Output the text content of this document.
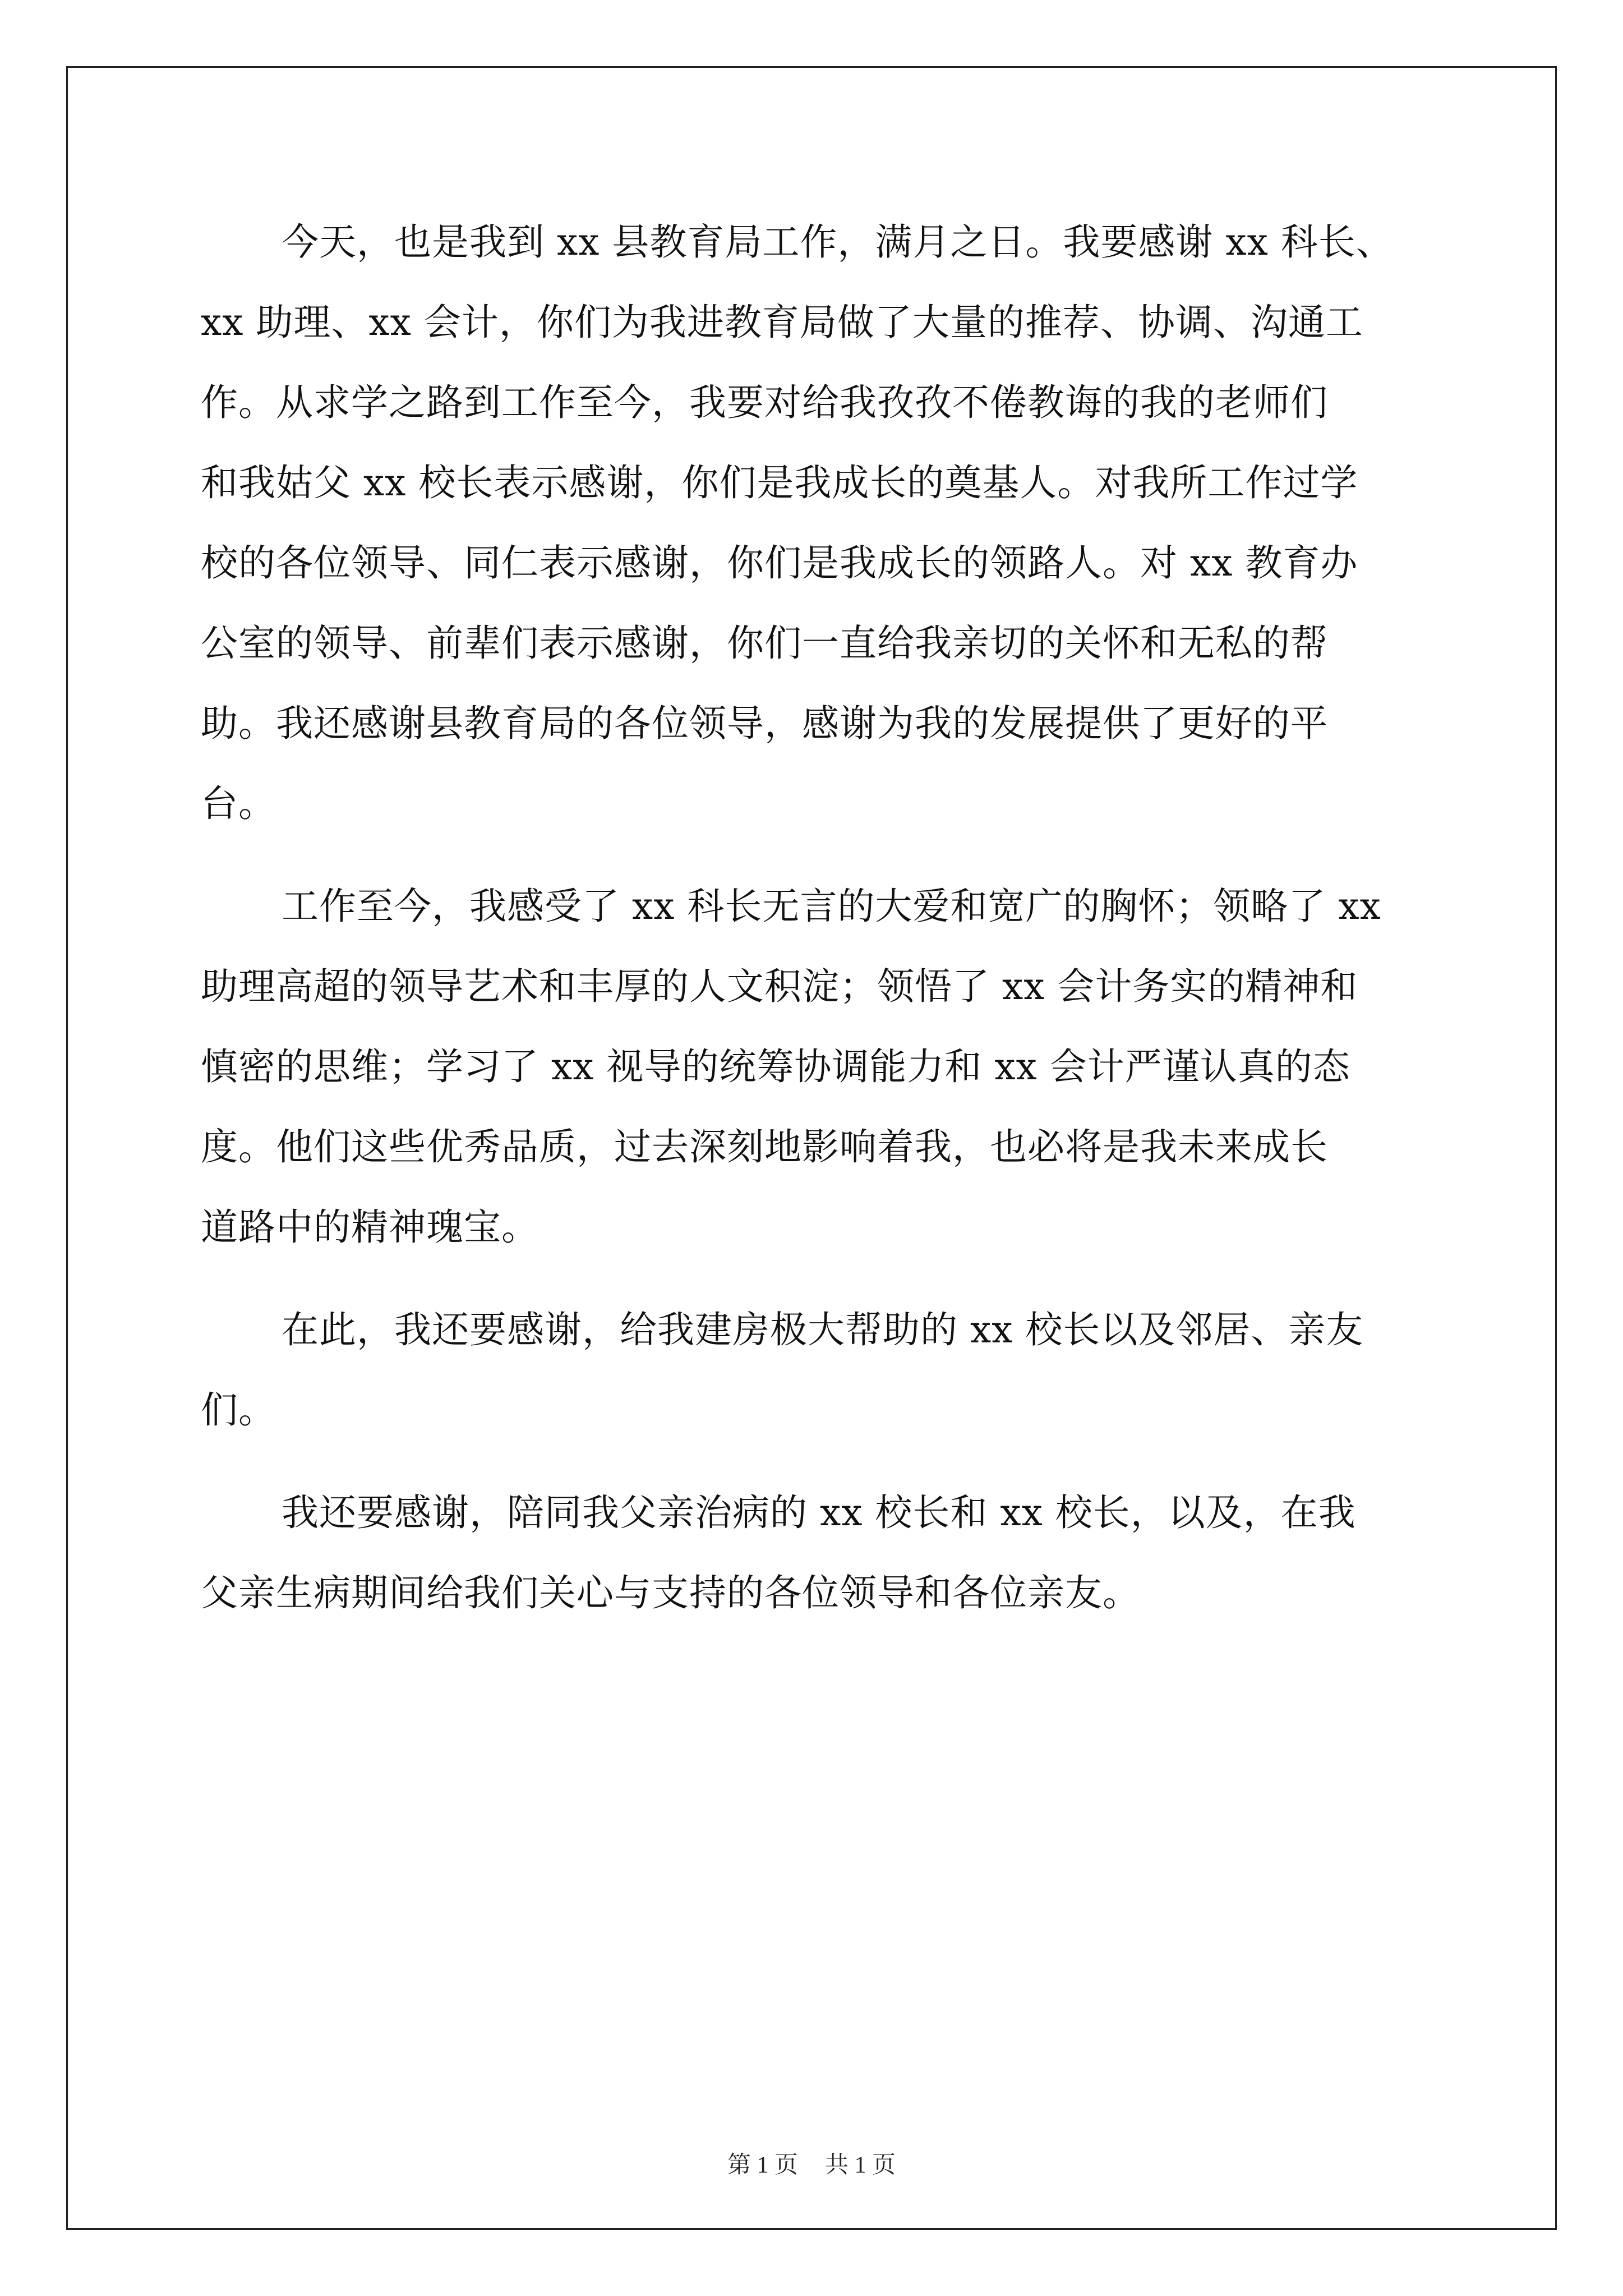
今天，也是我到 xx 县教育局工作，满月之日。我要感谢 xx 科长、
xx 助理、xx 会计，你们为我进教育局做了大量的推荐、协调、沟通工
作。从求学之路到工作至今，我要对给我孜孜不倦教诲的我的老师们
和我姑父 xx 校长表示感谢，你们是我成长的奠基人。对我所工作过学
校的各位领导、同仁表示感谢，你们是我成长的领路人。对 xx 教育办
公室的领导、前辈们表示感谢，你们一直给我亲切的关怀和无私的帮
助。我还感谢县教育局的各位领导，感谢为我的发展提供了更好的平
台。
工作至今，我感受了 xx 科长无言的大爱和宽广的胸怀；领略了 xx
助理高超的领导艺术和丰厚的人文积淀；领悟了 xx 会计务实的精神和
慎密的思维；学习了 xx 视导的统筹协调能力和 xx 会计严谨认真的态
度。他们这些优秀品质，过去深刻地影响着我，也必将是我未来成长
道路中的精神瑰宝。
在此，我还要感谢，给我建房极大帮助的 xx 校长以及邻居、亲友
们。
我还要感谢，陪同我父亲治病的 xx 校长和 xx 校长，以及，在我
父亲生病期间给我们关心与支持的各位领导和各位亲友。
第 1 页 共 1 页
